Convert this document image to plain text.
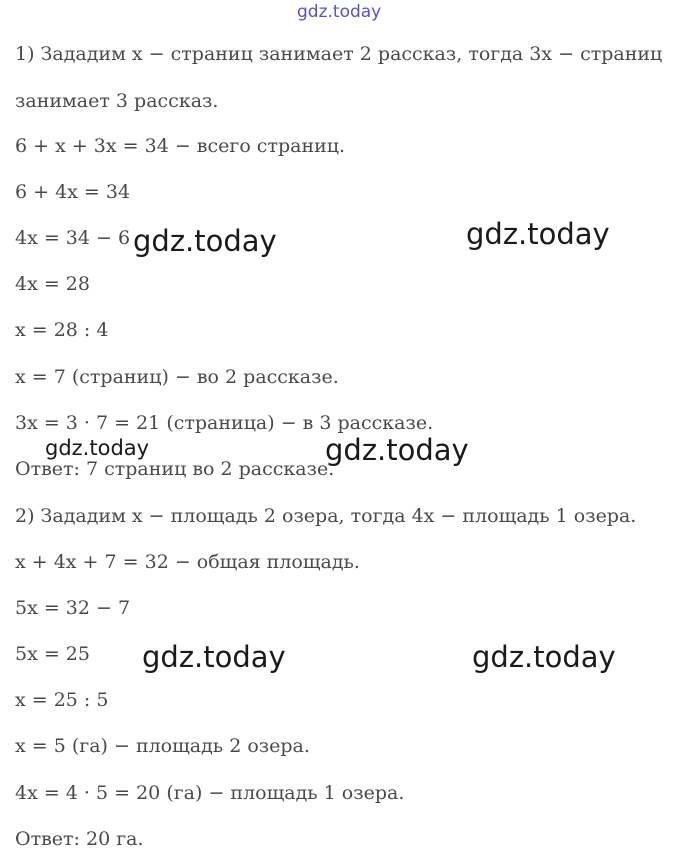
1) Зададим x − страниц занимает 2 рассказ, тогда 3x − страниц
занимает 3 рассказ.
6 + x + 3x = 34 − всего страниц.
6 + 4x = 34
4x = 34 − 6
4x = 28
x = 28 : 4
x = 7 (страниц) − во 2 рассказе.
3x = 3 · 7 = 21 (страница) − в 3 рассказе.
Ответ: 7 страниц во 2 рассказе.
2) Зададим x − площадь 2 озера, тогда 4x − площадь 1 озера.
x + 4x + 7 = 32 − общая площадь.
5x = 32 − 7
5x = 25
x = 25 : 5
x = 5 (га) − площадь 2 озера.
4x = 4 · 5 = 20 (га) − площадь 1 озера.
Ответ: 20 га.
gdz.today
gdz.today	gdz.today
gdz.today	gdz.today
gdz.today	gdz.today
